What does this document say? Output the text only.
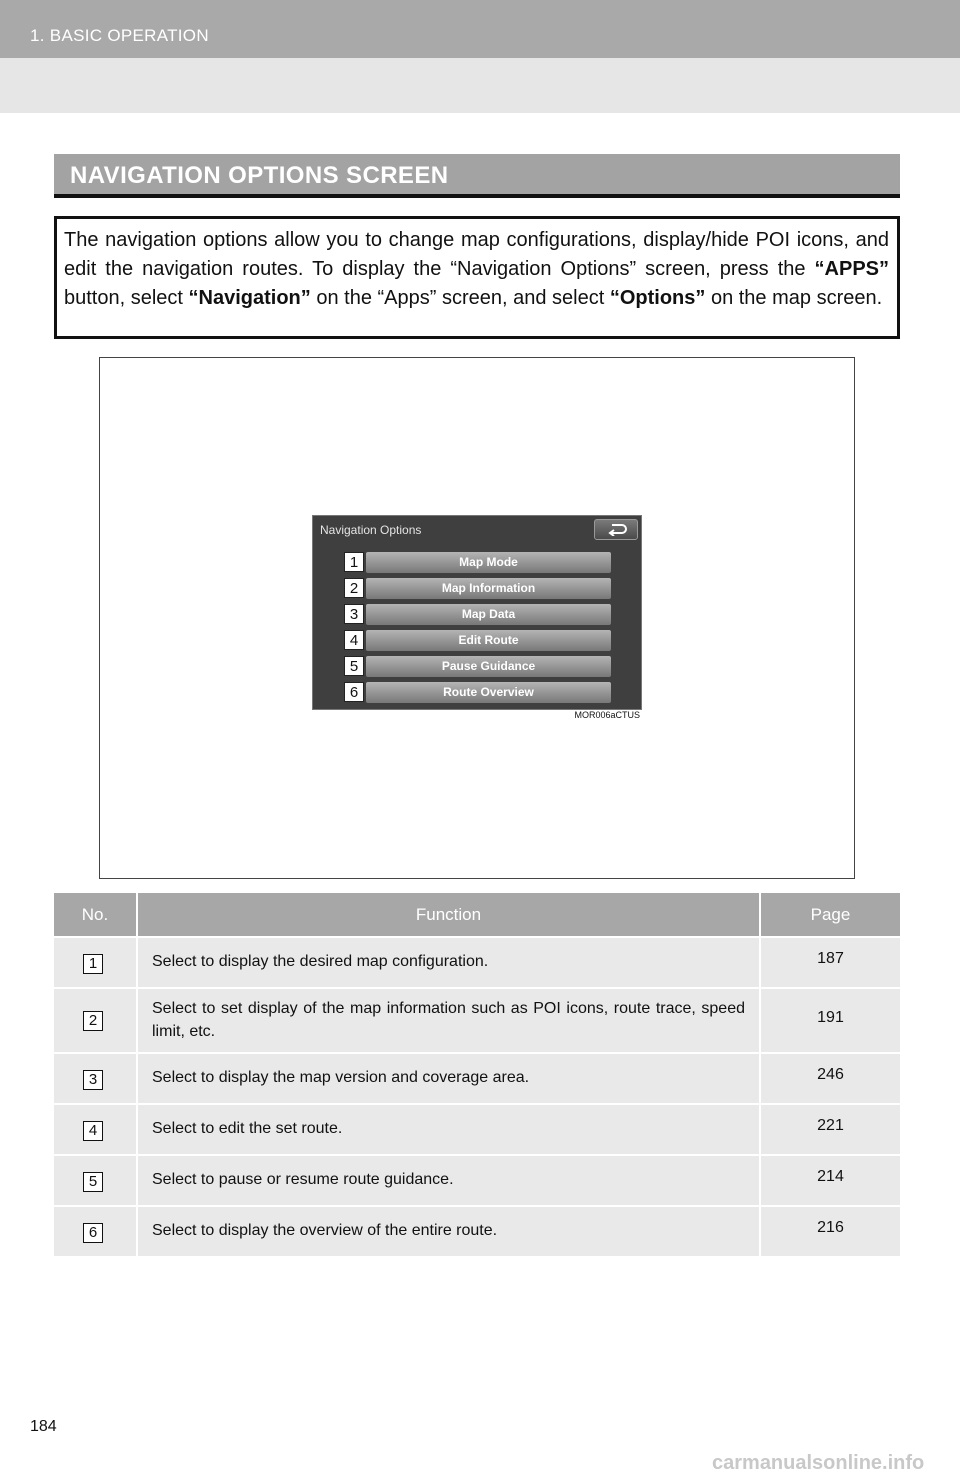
1. BASIC OPERATION
NAVIGATION OPTIONS SCREEN
The navigation options allow you to change map configurations, display/hide POI icons, and edit the navigation routes. To display the “Navigation Options” screen, press the “APPS” button, select “Navigation” on the “Apps” screen, and select “Options” on the map screen.
Navigation Options
1	Map Mode
2	Map Information
3	Map Data
4	Edit Route
5	Pause Guidance
6	Route Overview
MOR006aCTUS
No.	Function	Page

1	Select to display the desired map configuration.	187

2	Select to set display of the map information such as POI icons, route trace, speed limit, etc.	191

3	Select to display the map version and coverage area.	246

4	Select to edit the set route.	221

5	Select to pause or resume route guidance.	214

6	Select to display the overview of the entire route.	216
184
carmanualsonline.info
